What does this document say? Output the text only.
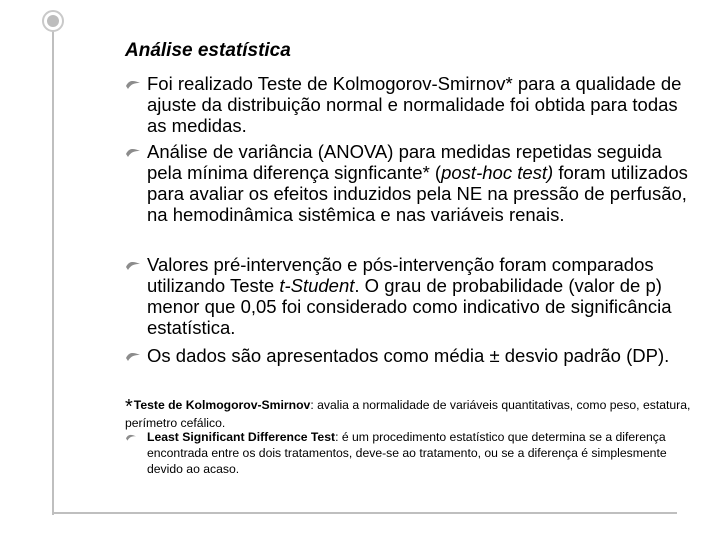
Análise estatística
Foi realizado Teste de Kolmogorov-Smirnov* para a qualidade de ajuste da distribuição normal e normalidade foi obtida para todas as medidas.
Análise de variância (ANOVA) para medidas repetidas seguida pela mínima diferença signficante* (post-hoc test) foram utilizados para avaliar os efeitos induzidos pela NE na pressão de perfusão, na hemodinâmica sistêmica e nas variáveis renais.
Valores pré-intervenção e pós-intervenção foram comparados utilizando Teste t-Student. O grau de probabilidade (valor de p) menor que 0,05 foi considerado como indicativo de significância estatística.
Os dados são apresentados como média ± desvio padrão (DP).
*Teste de Kolmogorov-Smirnov: avalia a normalidade de variáveis quantitativas, como peso, estatura, perímetro cefálico.
Least Significant Difference Test: é um procedimento estatístico que determina se a diferença encontrada entre os dois tratamentos, deve-se ao tratamento, ou se a diferença é simplesmente devido ao acaso.
